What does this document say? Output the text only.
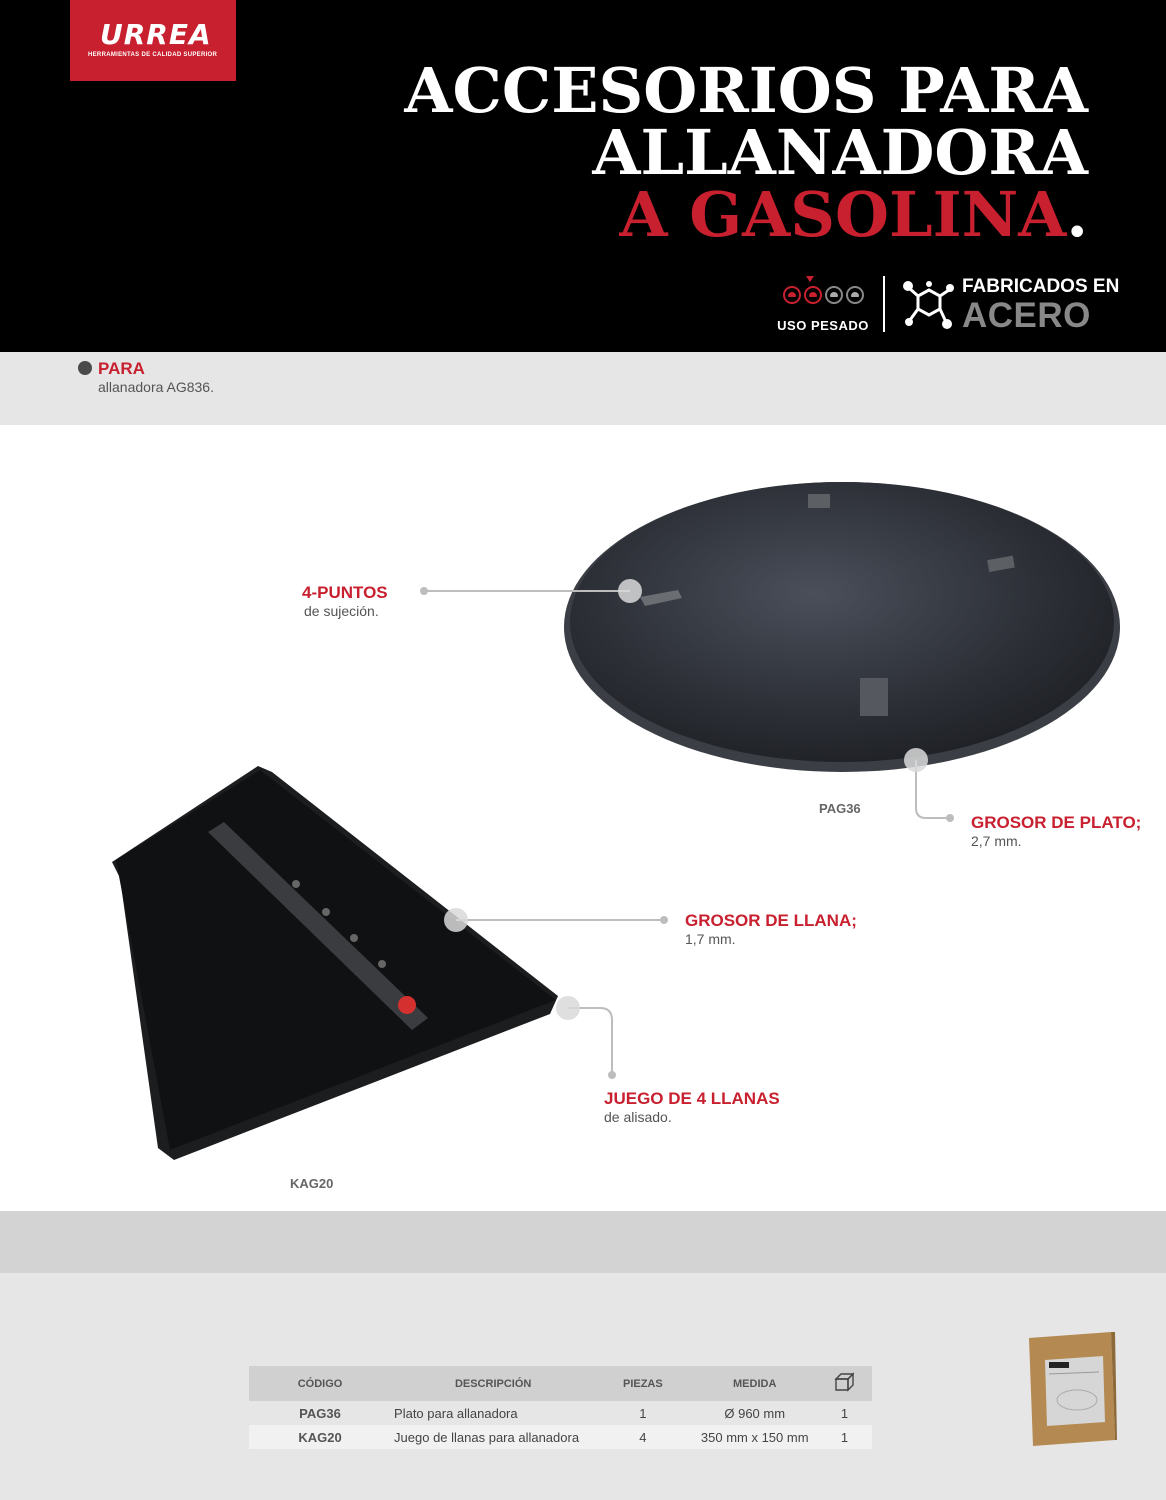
URREA
HERRAMIENTAS DE CALIDAD SUPERIOR	ACCESORIOS PARA
ALLANADORA
A GASOLINA.
USO PESADO
FABRICADOS EN
ACERO
PARA
allanadora AG836.
4-PUNTOS
de sujeción.
PAG36
GROSOR DE PLATO;
2,7 mm.
GROSOR DE LLANA;
1,7 mm.
JUEGO DE 4 LLANAS
de alisado.
KAG20
CÓDIGO	DESCRIPCIÓN	PIEZAS	MEDIDA	
PAG36	Plato para allanadora	1	Ø 960 mm	1
KAG20	Juego de llanas para allanadora	4	350 mm x 150 mm	1
